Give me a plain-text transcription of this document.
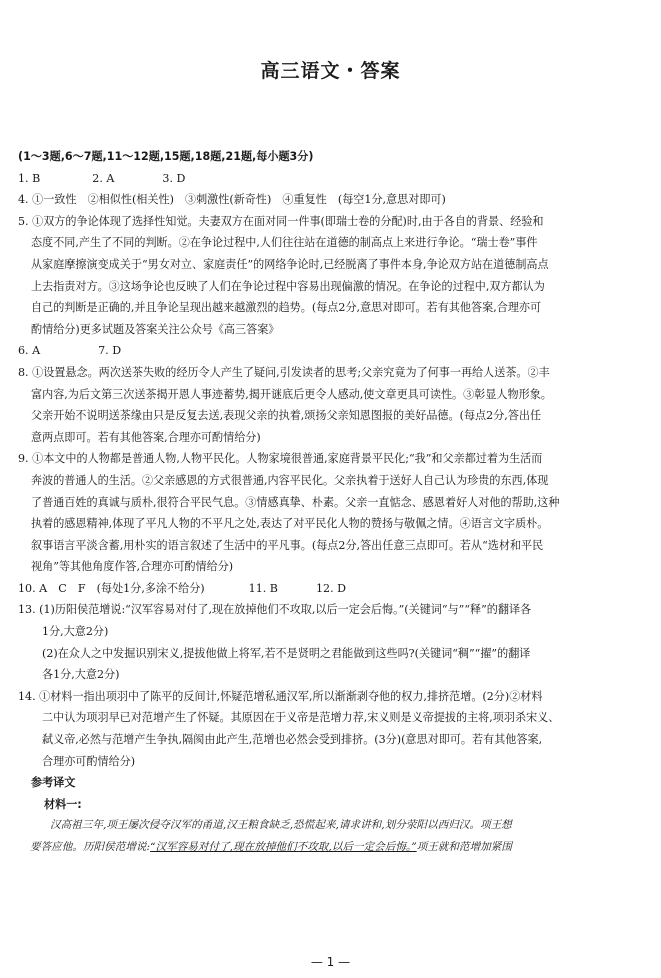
高三语文・答案
(1～3题,6～7题,11～12题,15题,18题,21题,每小题3分)
1. B	2. A	3. D
4. ①一致性　②相似性(相关性)　③刺激性(新奇性)　④重复性　(每空1分,意思对即可)
5. ①双方的争论体现了选择性知觉。夫妻双方在面对同一件事(即瑞士卷的分配)时,由于各自的背景、经验和
态度不同,产生了不同的判断。②在争论过程中,人们往往站在道德的制高点上来进行争论。“瑞士卷”事件
从家庭摩擦演变成关于“男女对立、家庭责任”的网络争论时,已经脱离了事件本身,争论双方站在道德制高点
上去指责对方。③这场争论也反映了人们在争论过程中容易出现偏激的情况。在争论的过程中,双方都认为
自己的判断是正确的,并且争论呈现出越来越激烈的趋势。(每点2分,意思对即可。若有其他答案,合理亦可
酌情给分)更多试题及答案关注公众号《高三答案》
6. A	7. D
8. ①设置悬念。两次送茶失败的经历令人产生了疑问,引发读者的思考;父亲究竟为了何事一再给人送茶。②丰
富内容,为后文第三次送茶揭开恩人事迹蓄势,揭开谜底后更令人感动,使文章更具可读性。③彰显人物形象。
父亲开始不说明送茶缘由只是反复去送,表现父亲的执着,颂扬父亲知恩图报的美好品德。(每点2分,答出任
意两点即可。若有其他答案,合理亦可酌情给分)
9. ①本文中的人物都是普通人物,人物平民化。人物家境很普通,家庭背景平民化;“我”和父亲都过着为生活而
奔波的普通人的生活。②父亲感恩的方式很普通,内容平民化。父亲执着于送好人自己认为珍贵的东西,体现
了普通百姓的真诚与质朴,很符合平民气息。③情感真挚、朴素。父亲一直惦念、感恩着好人对他的帮助,这种
执着的感恩精神,体现了平凡人物的不平凡之处,表达了对平民化人物的赞扬与敬佩之情。④语言文字质朴。
叙事语言平淡含蓄,用朴实的语言叙述了生活中的平凡事。(每点2分,答出任意三点即可。若从“选材和平民
视角”等其他角度作答,合理亦可酌情给分)
10. A　C　F　(每处1分,多涂不给分)	11. B	12. D
13. (1)历阳侯范增说:“汉军容易对付了,现在放掉他们不攻取,以后一定会后悔。”(关键词“与”“释”的翻译各
1分,大意2分)
(2)在众人之中发掘识别宋义,提拔他做上将军,若不是贤明之君能做到这些吗?(关键词“稠”“擢”的翻译
各1分,大意2分)
14. ①材料一指出项羽中了陈平的反间计,怀疑范增私通汉军,所以渐渐剥夺他的权力,排挤范增。(2分)②材料
二中认为项羽早已对范增产生了怀疑。其原因在于义帝是范增力荐,宋义则是义帝提拔的主将,项羽杀宋义、
弑义帝,必然与范增产生争执,隔阂由此产生,范增也必然会受到排挤。(3分)(意思对即可。若有其他答案,
合理亦可酌情给分)
参考译文
材料一:
汉高祖三年,项王屡次侵夺汉军的甬道,汉王粮食缺乏,恐慌起来,请求讲和,划分荥阳以西归汉。项王想
要答应他。历阳侯范增说:“汉军容易对付了,现在放掉他们不攻取,以后一定会后悔。”项王就和范增加紧围
— 1 —
